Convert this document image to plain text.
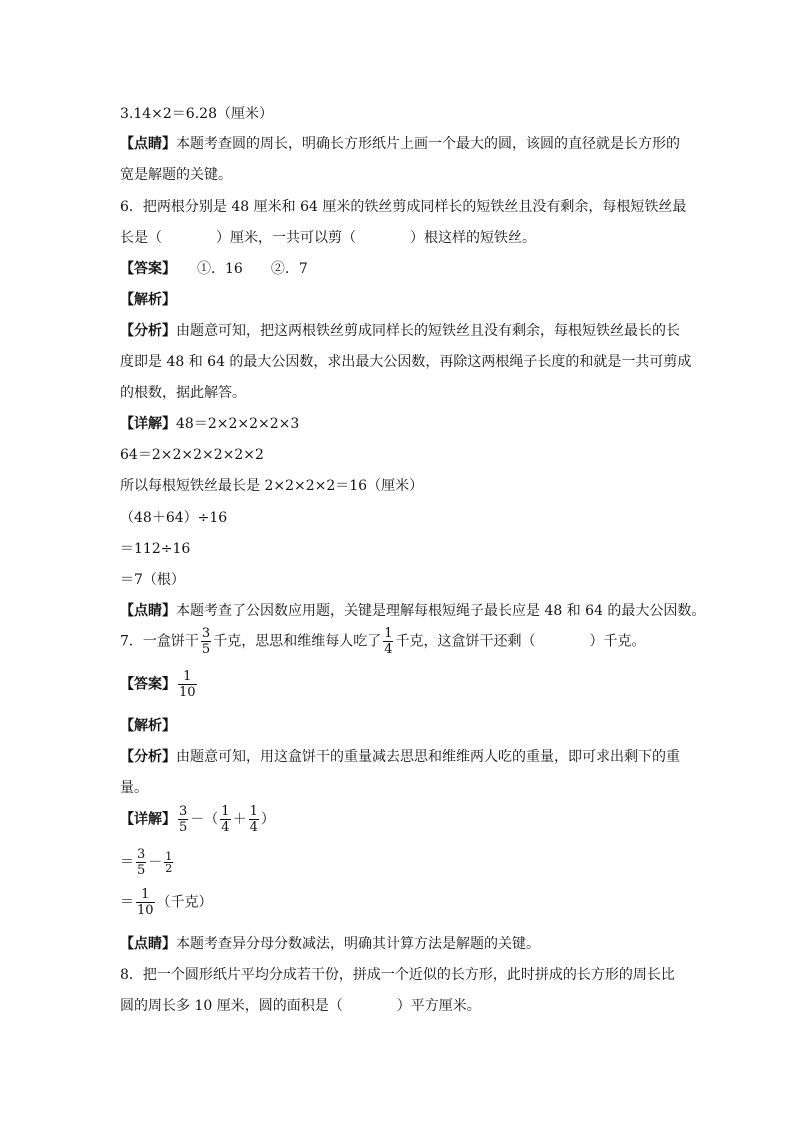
3.14×2＝6.28（厘米）
【点睛】本题考查圆的周长，明确长方形纸片上画一个最大的圆，该圆的直径就是长方形的
宽是解题的关键。
6．把两根分别是 48 厘米和 64 厘米的铁丝剪成同样长的短铁丝且没有剩余，每根短铁丝最
长是（	）厘米，一共可以剪（	）根这样的短铁丝。
【答案】　　 ①．16　　②．7
【解析】
【分析】由题意可知，把这两根铁丝剪成同样长的短铁丝且没有剩余，每根短铁丝最长的长
度即是 48 和 64 的最大公因数，求出最大公因数，再除这两根绳子长度的和就是一共可剪成
的根数，据此解答。
【详解】48＝2×2×2×2×3
64＝2×2×2×2×2×2
所以每根短铁丝最长是 2×2×2×2＝16（厘米）
（48＋64）÷16
＝112÷16
＝7（根）
【点睛】本题考查了公因数应用题，关键是理解每根短绳子最长应是 48 和 64 的最大公因数。
7．一盒饼干 $\frac{3}{5}$ 千克，思思和维维每人吃了 $\frac{1}{4}$ 千克，这盒饼干还剩（	）千克。
【答案】 $\frac{1}{10}$
【解析】
【分析】由题意可知，用这盒饼干的重量减去思思和维维两人吃的重量，即可求出剩下的重
量。
【详解】 $\frac{3}{5}$ －（ $\frac{1}{4} + \frac{1}{4}$ ）
＝ $\frac{3}{5} - \frac{1}{2}$
＝ $\frac{1}{10}$ （千克）
【点睛】本题考查异分母分数减法，明确其计算方法是解题的关键。
8．把一个圆形纸片平均分成若干份，拼成一个近似的长方形，此时拼成的长方形的周长比
圆的周长多 10 厘米，圆的面积是（	）平方厘米。
